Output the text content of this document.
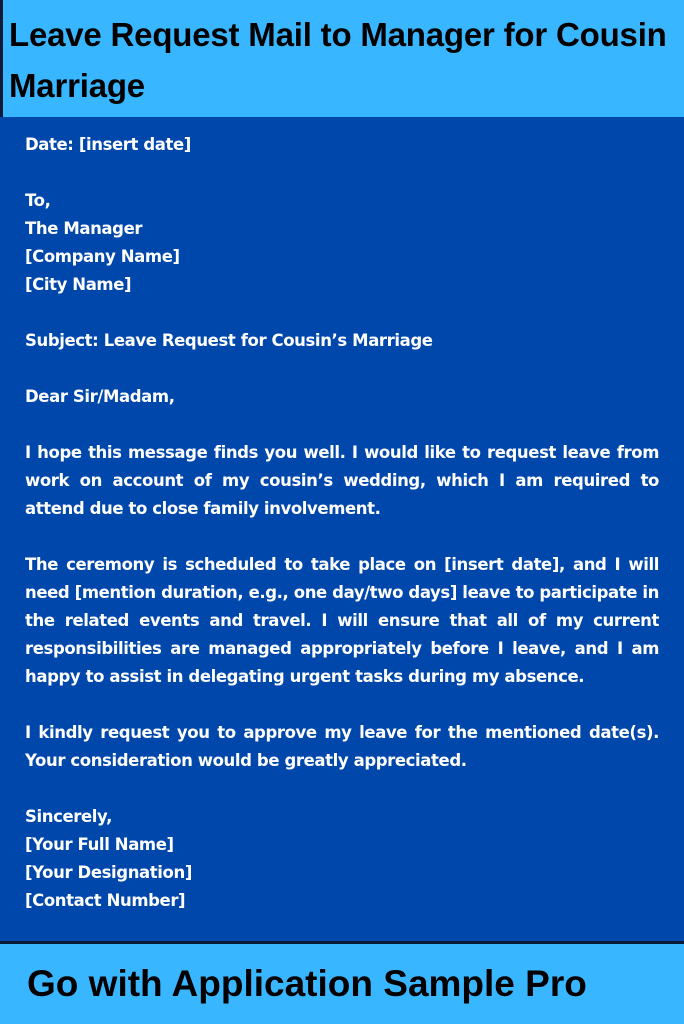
Leave Request Mail to Manager for Cousin Marriage

Date: [insert date]

To,

The Manager

[Company Name]

[City Name]

Subject: Leave Request for Cousin’s Marriage

Dear Sir/Madam,

I hope this message finds you well. I would like to request leave from work on account of my cousin’s wedding, which I am required to attend due to close family involvement.

The ceremony is scheduled to take place on [insert date], and I will need [mention duration, e.g., one day/two days] leave to participate in the related events and travel. I will ensure that all of my current responsibilities are managed appropriately before I leave, and I am happy to assist in delegating urgent tasks during my absence.

I kindly request you to approve my leave for the mentioned date(s). Your consideration would be greatly appreciated.

Sincerely,

[Your Full Name]

[Your Designation]

[Contact Number]

Go with Application Sample Pro
